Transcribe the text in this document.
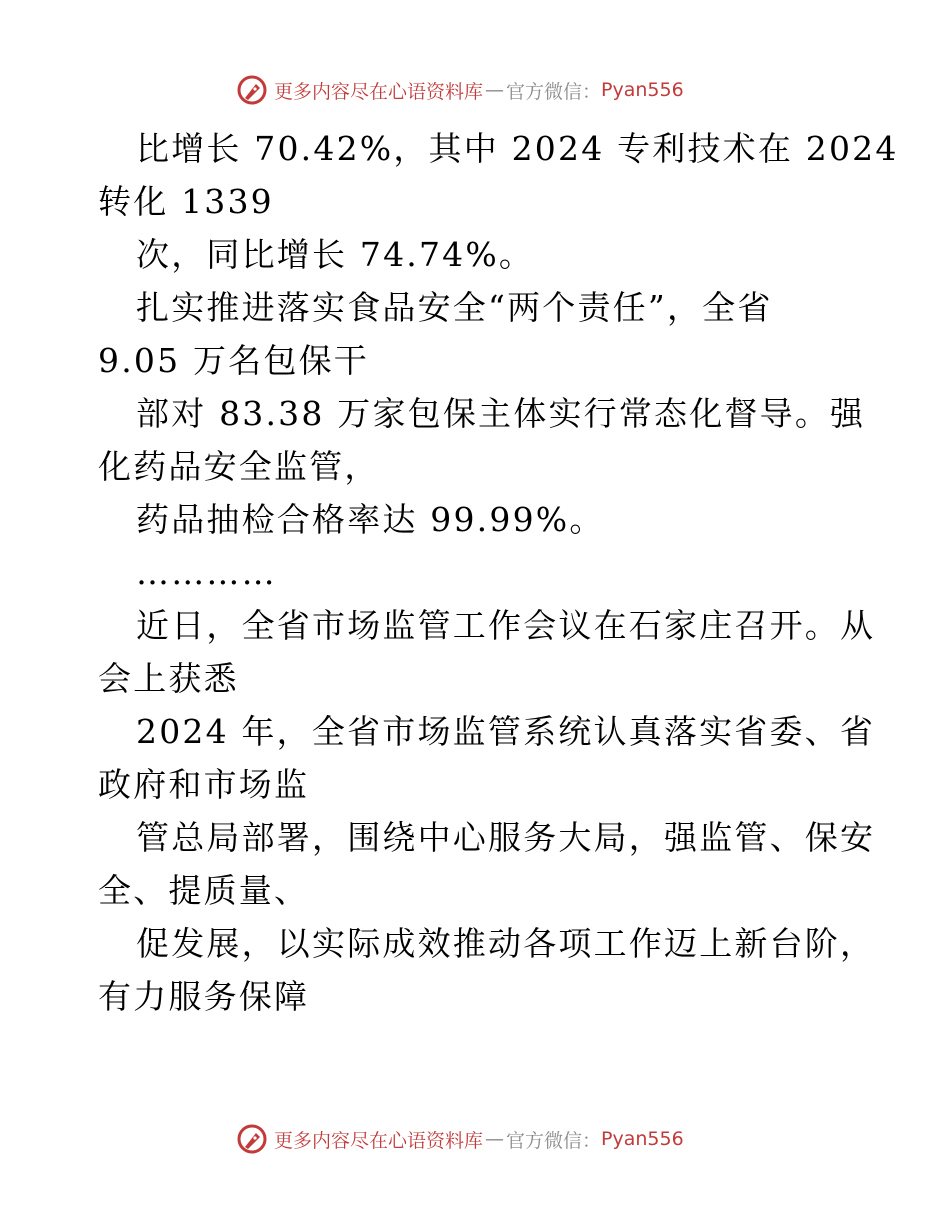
更多内容尽在心语资料库 — 官方微信： Pyan556
比增长 70.42%，其中 2024 专利技术在 2024
转化 1339
次，同比增长 74.74%。
扎实推进落实食品安全“两个责任”，全省
9.05 万名包保干
部对 83.38 万家包保主体实行常态化督导。强
化药品安全监管，
药品抽检合格率达 99.99%。
…………
近日，全省市场监管工作会议在石家庄召开。从
会上获悉
2024 年，全省市场监管系统认真落实省委、省
政府和市场监
管总局部署，围绕中心服务大局，强监管、保安
全、提质量、
促发展，以实际成效推动各项工作迈上新台阶，
有力服务保障
更多内容尽在心语资料库 — 官方微信： Pyan556
